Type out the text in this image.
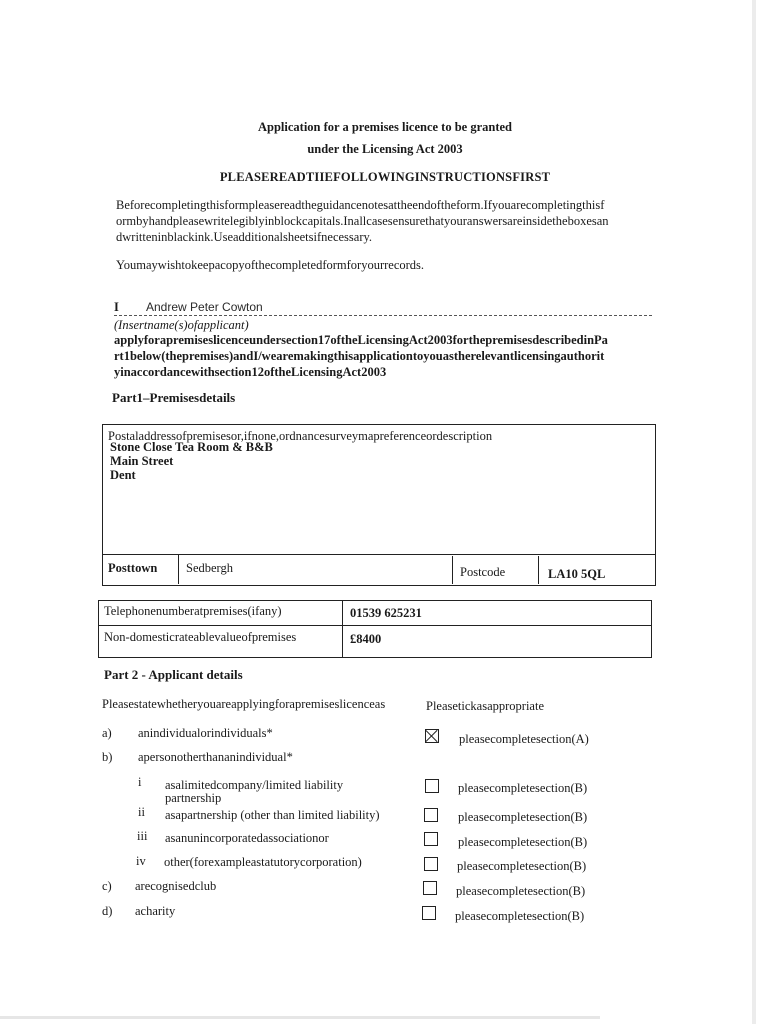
Application for a premises licence to be granted
under the Licensing Act 2003
PLEASEREADTIIEFOLLOWINGINSTRUCTIONSFIRST
Beforecompletingthisformpleasereadtheguidancenotesattheendoftheform.Ifyouarecompletingthisf
ormbyhandpleasewritelegiblyinblockcapitals.Inallcasesensurethatyouranswersareinsidetheboxesan
dwritteninblackink.Useadditionalsheetsifnecessary.
Youmaywishtokeepacopyofthecompletedformforyourrecords.
I Andrew Peter Cowton
(Insertname(s)ofapplicant)
applyforapremiseslicenceundersection17oftheLicensingAct2003forthepremisesdescribedinPa
rt1below(thepremises)andI/wearemakingthisapplicationtoyouastherelevantlicensingauthorit
yinaccordancewithsection12oftheLicensingAct2003
Part1–Premisesdetails
Postaladdressofpremisesor,ifnone,ordnancesurveymapreferenceordescription
Stone Close Tea Room & B&B
Main Street
Dent
Posttown Sedbergh	Postcode	LA10 5QL
Telephonenumberatpremises(ifany)	01539 625231
Non-domesticrateablevalueofpremises	£8400
Part 2 - Applicant details
Pleasestatewhetheryouareapplyingforapremiseslicenceas	Pleasetickasappropriate
a) anindividualorindividuals*	pleasecompletesection(A)
b) apersonotherthananindividual*
i asalimitedcompany/limited liability
partnership
pleasecompletesection(B)
ii asapartnership (other than limited liability)	pleasecompletesection(B)
iii asanunincorporatedassociationor	pleasecompletesection(B)
iv other(forexampleastatutorycorporation)	pleasecompletesection(B)
c) arecognisedclub	pleasecompletesection(B)
d) acharity	pleasecompletesection(B)
